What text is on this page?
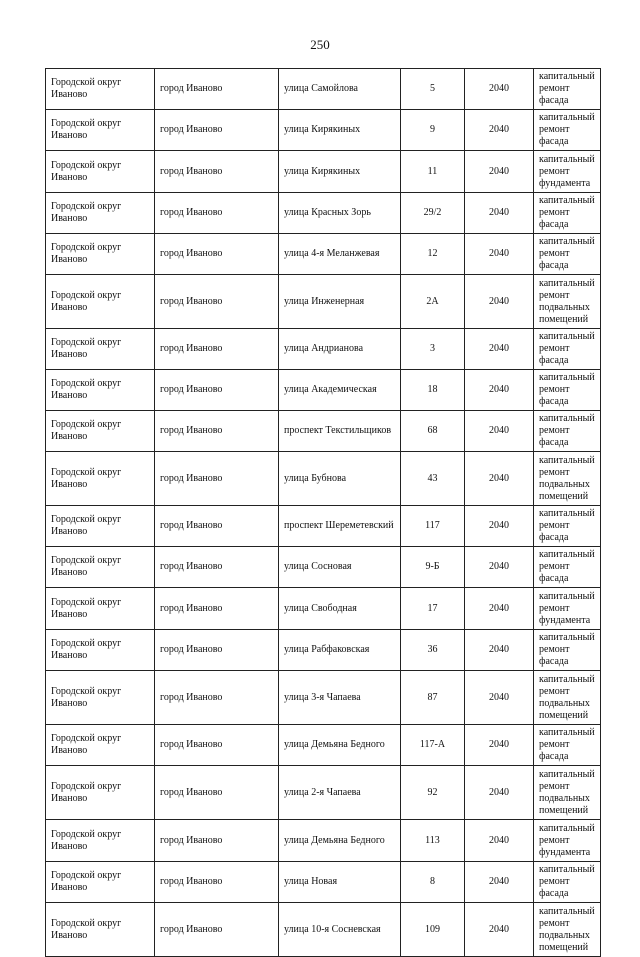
250
Городской округ Иваново	город Иваново	улица Самойлова	5	2040	капитальный ремонт фасада
Городской округ Иваново	город Иваново	улица Кирякиных	9	2040	капитальный ремонт фасада
Городской округ Иваново	город Иваново	улица Кирякиных	11	2040	капитальный ремонт фундамента
Городской округ Иваново	город Иваново	улица Красных Зорь	29/2	2040	капитальный ремонт фасада
Городской округ Иваново	город Иваново	улица 4-я Меланжевая	12	2040	капитальный ремонт фасада
Городской округ Иваново	город Иваново	улица Инженерная	2А	2040	капитальный ремонт подвальных помещений
Городской округ Иваново	город Иваново	улица Андрианова	3	2040	капитальный ремонт фасада
Городской округ Иваново	город Иваново	улица Академическая	18	2040	капитальный ремонт фасада
Городской округ Иваново	город Иваново	проспект Текстильщиков	68	2040	капитальный ремонт фасада
Городской округ Иваново	город Иваново	улица Бубнова	43	2040	капитальный ремонт подвальных помещений
Городской округ Иваново	город Иваново	проспект Шереметевский	117	2040	капитальный ремонт фасада
Городской округ Иваново	город Иваново	улица Сосновая	9-Б	2040	капитальный ремонт фасада
Городской округ Иваново	город Иваново	улица Свободная	17	2040	капитальный ремонт фундамента
Городской округ Иваново	город Иваново	улица Рабфаковская	36	2040	капитальный ремонт фасада
Городской округ Иваново	город Иваново	улица 3-я Чапаева	87	2040	капитальный ремонт подвальных помещений
Городской округ Иваново	город Иваново	улица Демьяна Бедного	117-А	2040	капитальный ремонт фасада
Городской округ Иваново	город Иваново	улица 2-я Чапаева	92	2040	капитальный ремонт подвальных помещений
Городской округ Иваново	город Иваново	улица Демьяна Бедного	113	2040	капитальный ремонт фундамента
Городской округ Иваново	город Иваново	улица Новая	8	2040	капитальный ремонт фасада
Городской округ Иваново	город Иваново	улица 10-я Сосневская	109	2040	капитальный ремонт подвальных помещений
